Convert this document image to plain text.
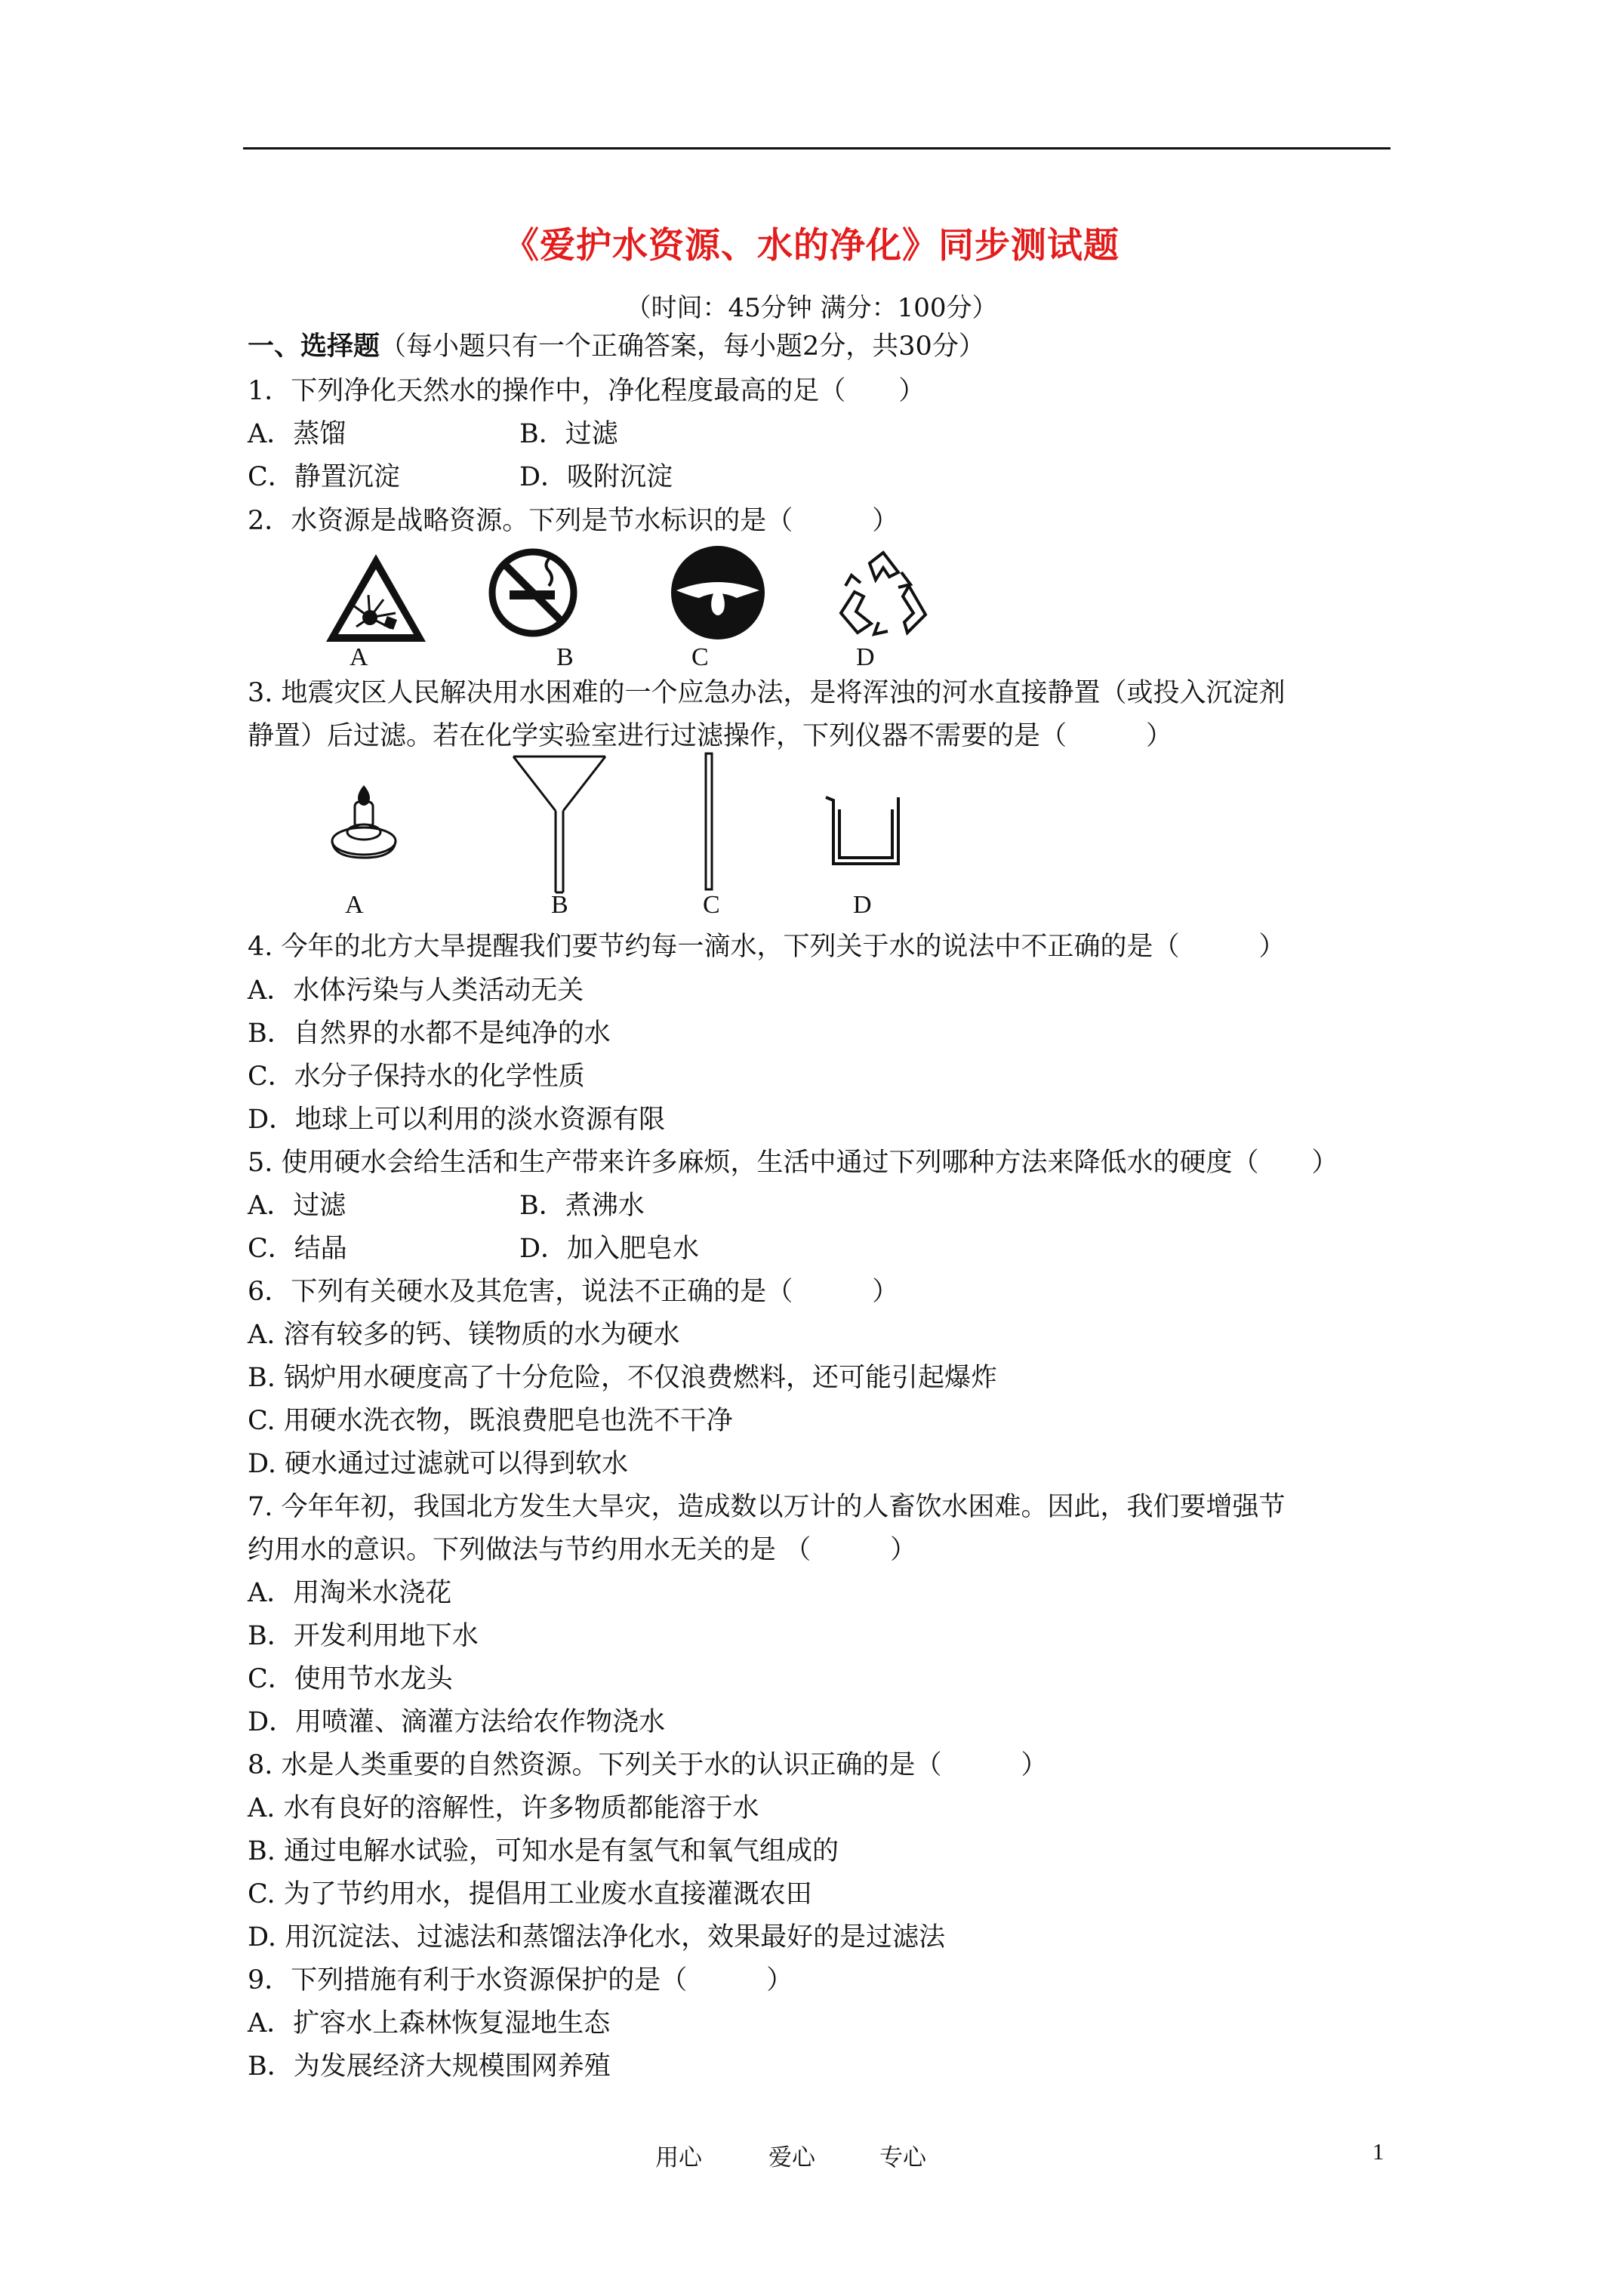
《爱护水资源、水的净化》同步测试题
（时间：45分钟 满分：100分）
一、选择题（每小题只有一个正确答案，每小题2分，共30分）
1．下列净化天然水的操作中，净化程度最高的足（　　）
A．蒸馏	B．过滤
C．静置沉淀	D．吸附沉淀
2．水资源是战略资源。下列是节水标识的是（　　　）
A	B	C	D
3. 地震灾区人民解决用水困难的一个应急办法，是将浑浊的河水直接静置（或投入沉淀剂
静置）后过滤。若在化学实验室进行过滤操作，下列仪器不需要的是（　　　）
A	B	C	D
4. 今年的北方大旱提醒我们要节约每一滴水，下列关于水的说法中不正确的是（　　　）
A．水体污染与人类活动无关
B．自然界的水都不是纯净的水
C．水分子保持水的化学性质
D．地球上可以利用的淡水资源有限
5. 使用硬水会给生活和生产带来许多麻烦，生活中通过下列哪种方法来降低水的硬度（　　）
A．过滤	B．煮沸水
C．结晶	D．加入肥皂水
6．下列有关硬水及其危害，说法不正确的是（　　　）
A. 溶有较多的钙、镁物质的水为硬水
B. 锅炉用水硬度高了十分危险，不仅浪费燃料，还可能引起爆炸
C. 用硬水洗衣物，既浪费肥皂也洗不干净
D. 硬水通过过滤就可以得到软水
7. 今年年初，我国北方发生大旱灾，造成数以万计的人畜饮水困难。因此，我们要增强节
约用水的意识。下列做法与节约用水无关的是 （　　　）
A．用淘米水浇花
B．开发利用地下水
C．使用节水龙头
D．用喷灌、滴灌方法给农作物浇水
8. 水是人类重要的自然资源。下列关于水的认识正确的是（　　　）
A. 水有良好的溶解性，许多物质都能溶于水
B. 通过电解水试验，可知水是有氢气和氧气组成的
C. 为了节约用水，提倡用工业废水直接灌溉农田
D. 用沉淀法、过滤法和蒸馏法净化水，效果最好的是过滤法
9．下列措施有利于水资源保护的是（　　　）
A．扩容水上森林恢复湿地生态
B．为发展经济大规模围网养殖
用心	爱心	专心	1
